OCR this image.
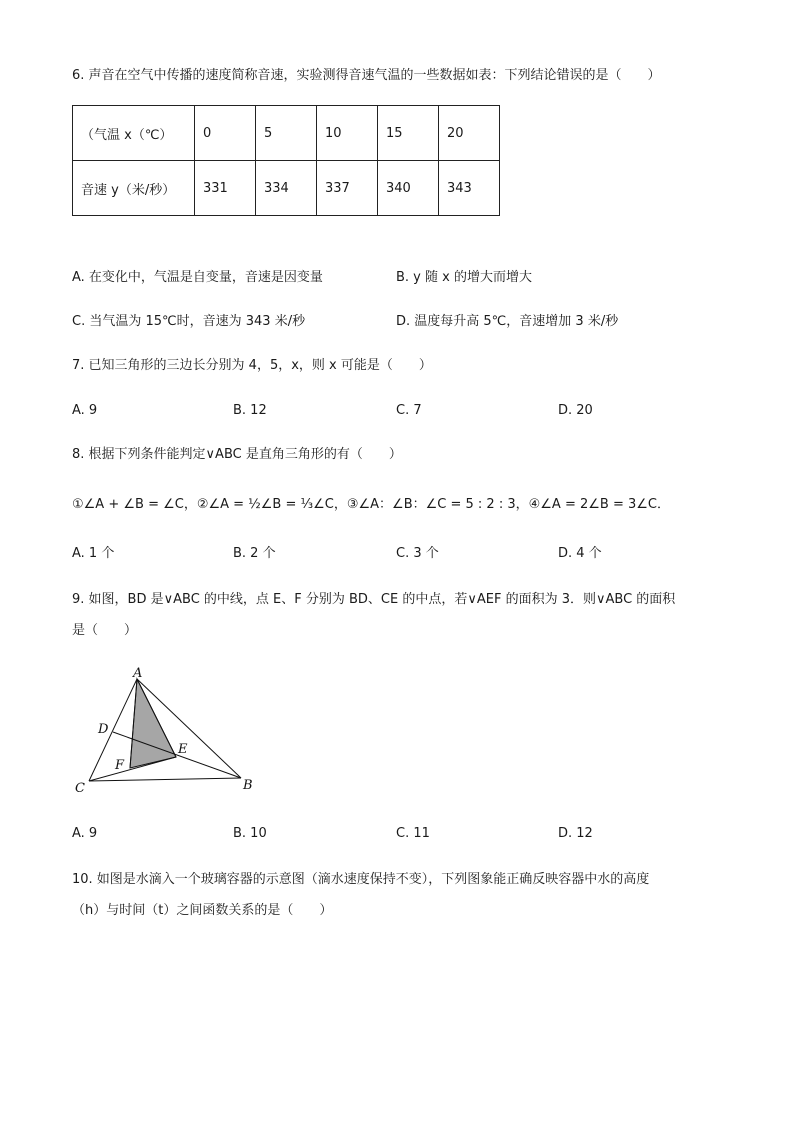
6. 声音在空气中传播的速度简称音速，实验测得音速气温的一些数据如表：下列结论错误的是（　　）
（气温 x（℃）	0	5	10	15	20
音速 y（米/秒）	331	334	337	340	343
A. 在变化中，气温是自变量，音速是因变量	B. y 随 x 的增大而增大
C. 当气温为 15℃时，音速为 343 米/秒	D. 温度每升高 5℃，音速增加 3 米/秒
7. 已知三角形的三边长分别为 4，5，x，则 x 可能是（　　）
A. 9	B. 12	C. 7	D. 20
8. 根据下列条件能判定∨ABC 是直角三角形的有（　　）
①∠A + ∠B = ∠C，②∠A = ½∠B = ⅓∠C，③∠A：∠B：∠C = 5 : 2 : 3，④∠A = 2∠B = 3∠C．
A. 1 个	B. 2 个	C. 3 个	D. 4 个
9. 如图，BD 是∨ABC 的中线，点 E、F 分别为 BD、CE 的中点，若∨AEF 的面积为 3．则∨ABC 的面积
是（　　）
A
B
C
D
E
F
A. 9	B. 10	C. 11	D. 12
10. 如图是水滴入一个玻璃容器的示意图（滴水速度保持不变），下列图象能正确反映容器中水的高度
（h）与时间（t）之间函数关系的是（　　）
